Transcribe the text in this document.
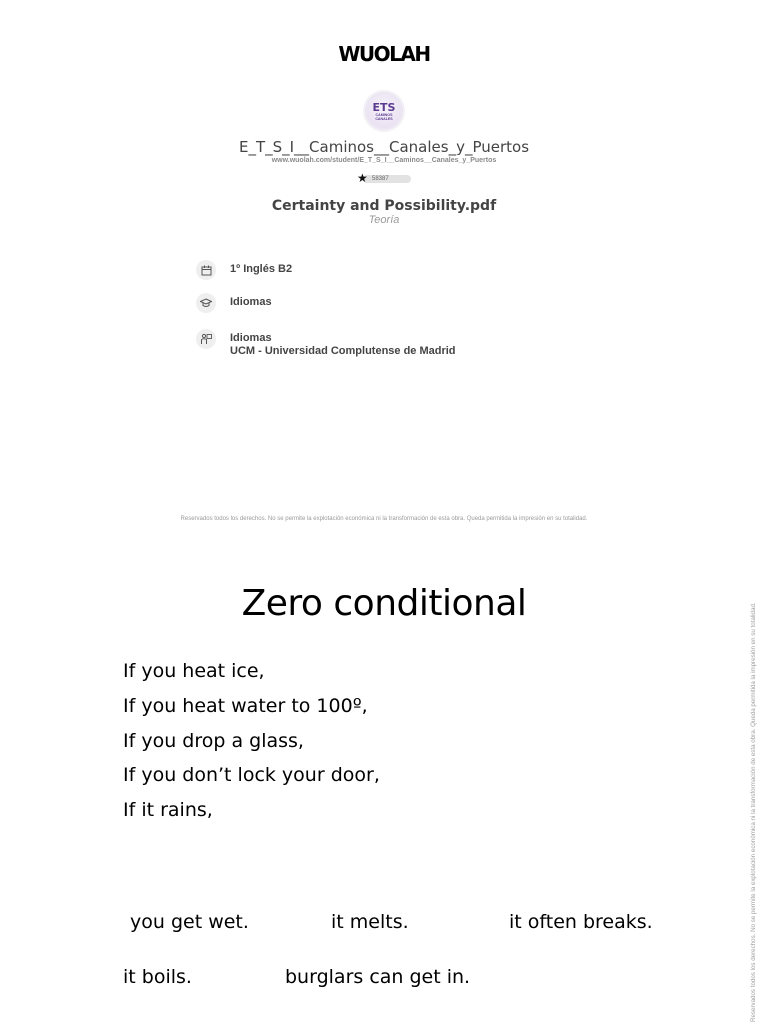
WUOLAH
ETS
CAMINOS CANALES
E_T_S_I__Caminos__Canales_y_Puertos
www.wuolah.com/student/E_T_S_I__Caminos__Canales_y_Puertos
★ 58387
Certainty and Possibility.pdf
Teoría
1º Inglés B2
Idiomas
Idiomas
UCM - Universidad Complutense de Madrid
Reservados todos los derechos. No se permite la explotación económica ni la transformación de esta obra. Queda permitida la impresión en su totalidad.
Reservados todos los derechos. No se permite la explotación económica ni la transformación de esta obra. Queda permitida la impresión en su totalidad.
Zero conditional
If you heat ice,
If you heat water to 100º,
If you drop a glass,
If you don’t lock your door,
If it rains,
you get wet.	it melts.	it often breaks.
it boils.	burglars can get in.
